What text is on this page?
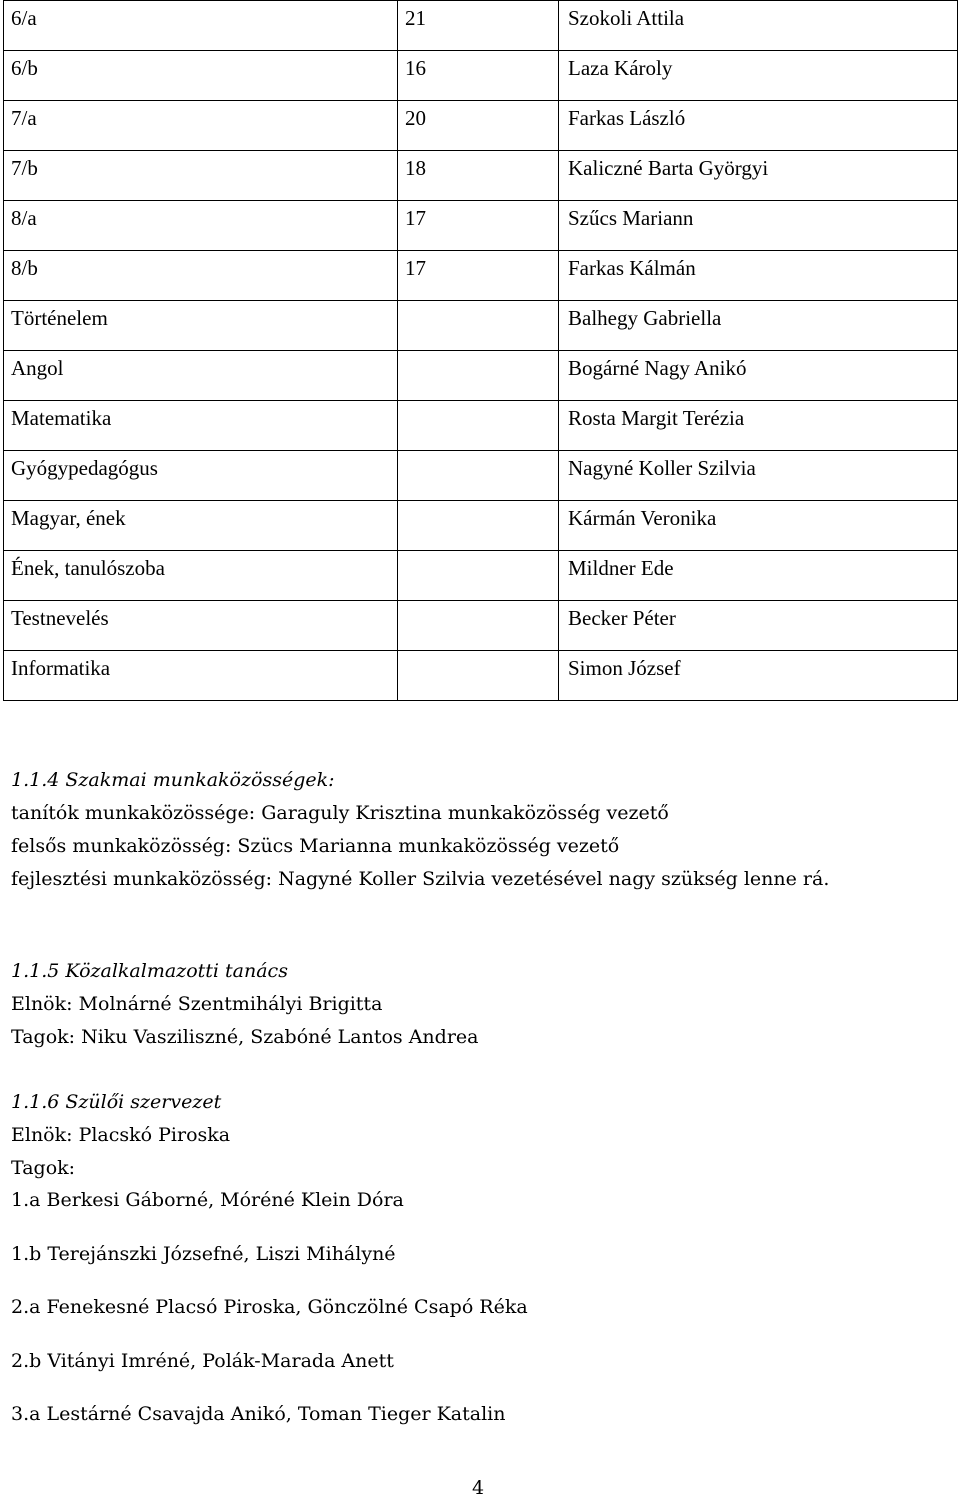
6/a	21	Szokoli Attila
6/b	16	Laza Károly
7/a	20	Farkas László
7/b	18	Kaliczné Barta Györgyi
8/a	17	Szűcs Mariann
8/b	17	Farkas Kálmán
Történelem		Balhegy Gabriella
Angol		Bogárné Nagy Anikó
Matematika		Rosta Margit Terézia
Gyógypedagógus		Nagyné Koller Szilvia
Magyar, ének		Kármán Veronika
Ének, tanulószoba		Mildner Ede
Testnevelés		Becker Péter
Informatika		Simon József
1.1.4 Szakmai munkaközösségek:
tanítók munkaközössége: Garaguly Krisztina munkaközösség vezető
felsős munkaközösség: Szücs Marianna munkaközösség vezető
fejlesztési munkaközösség: Nagyné Koller Szilvia vezetésével nagy szükség lenne rá.
1.1.5 Közalkalmazotti tanács
Elnök: Molnárné Szentmihályi Brigitta
Tagok: Niku Vasziliszné, Szabóné Lantos Andrea
1.1.6 Szülői szervezet
Elnök: Placskó Piroska
Tagok:
1.a Berkesi Gáborné, Móréné Klein Dóra
1.b Terejánszki Józsefné, Liszi Mihályné
2.a Fenekesné Placsó Piroska, Gönczölné Csapó Réka
2.b Vitányi Imréné, Polák-Marada Anett
3.a Lestárné Csavajda Anikó, Toman Tieger Katalin
4
